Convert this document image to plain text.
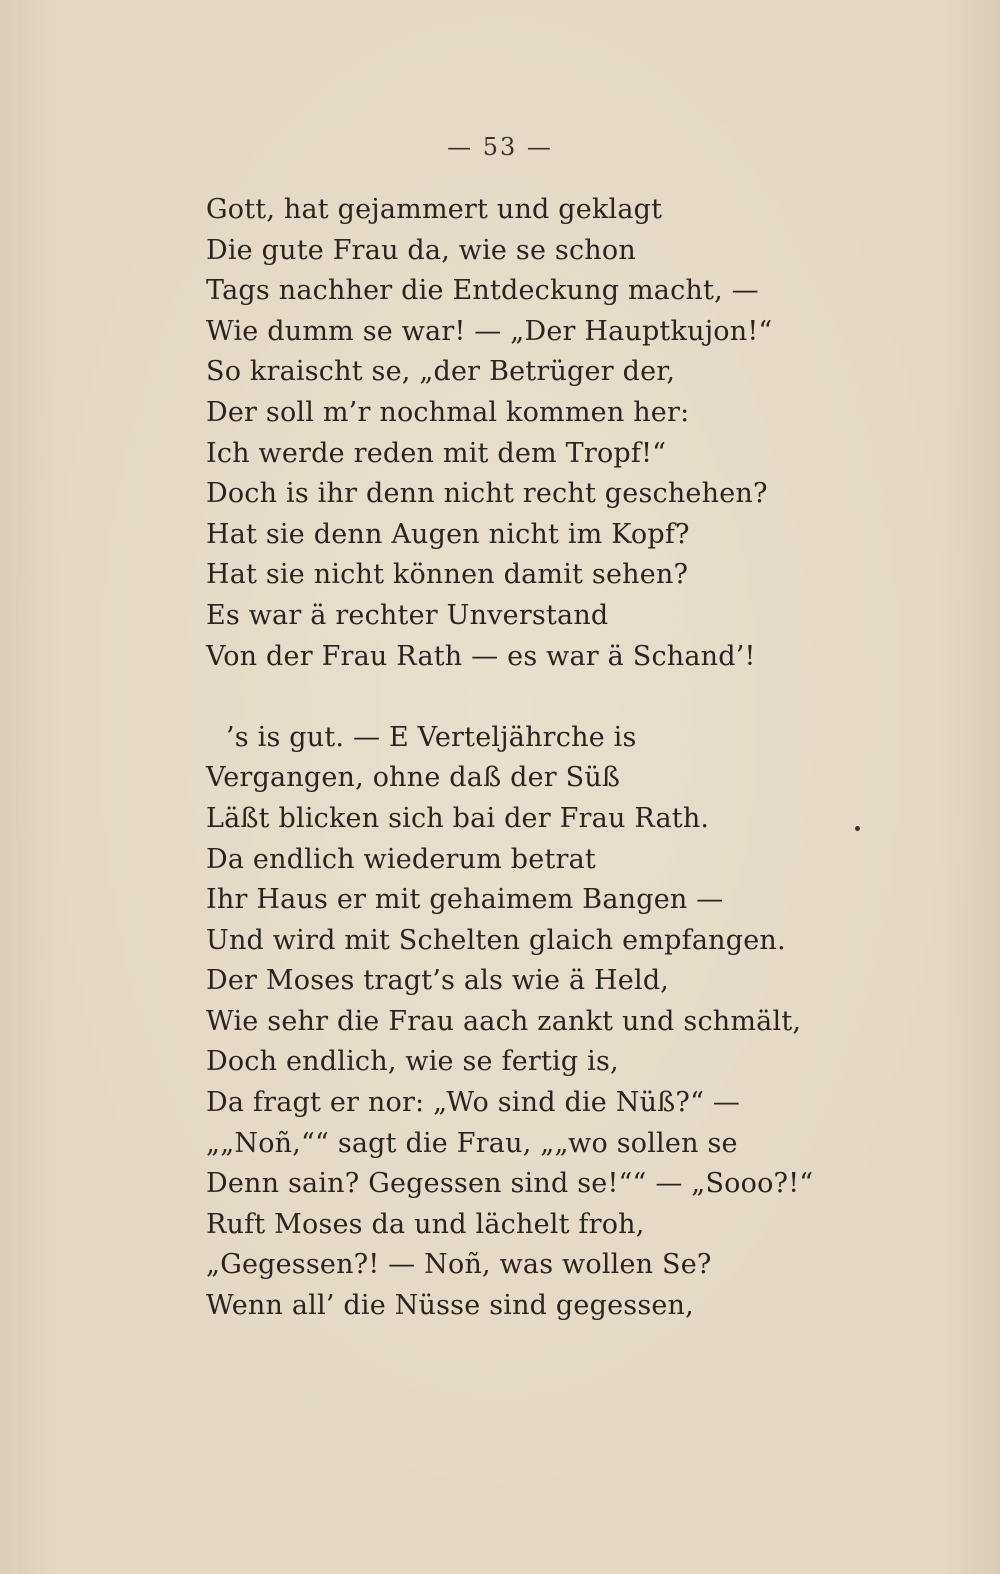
— 53 —
Gott, hat gejammert und geklagt
Die gute Frau da, wie se schon
Tags nachher die Entdeckung macht, —
Wie dumm se war! — „Der Hauptkujon!“
So kraischt se, „der Betrüger der,
Der soll m’r nochmal kommen her:
Ich werde reden mit dem Tropf!“
Doch is ihr denn nicht recht geschehen?
Hat sie denn Augen nicht im Kopf?
Hat sie nicht können damit sehen?
Es war ä rechter Unverstand
Von der Frau Rath — es war ä Schand’!
’s is gut. — E Verteljährche is
Vergangen, ohne daß der Süß
Läßt blicken sich bai der Frau Rath.
Da endlich wiederum betrat
Ihr Haus er mit gehaimem Bangen —
Und wird mit Schelten glaich empfangen.
Der Moses tragt’s als wie ä Held,
Wie sehr die Frau aach zankt und schmält,
Doch endlich, wie se fertig is,
Da fragt er nor: „Wo sind die Nüß?“ —
„„Noñ,““ sagt die Frau, „„wo sollen se
Denn sain? Gegessen sind se!““ — „Sooo?!“
Ruft Moses da und lächelt froh,
„Gegessen?! — Noñ, was wollen Se?
Wenn all’ die Nüsse sind gegessen,
